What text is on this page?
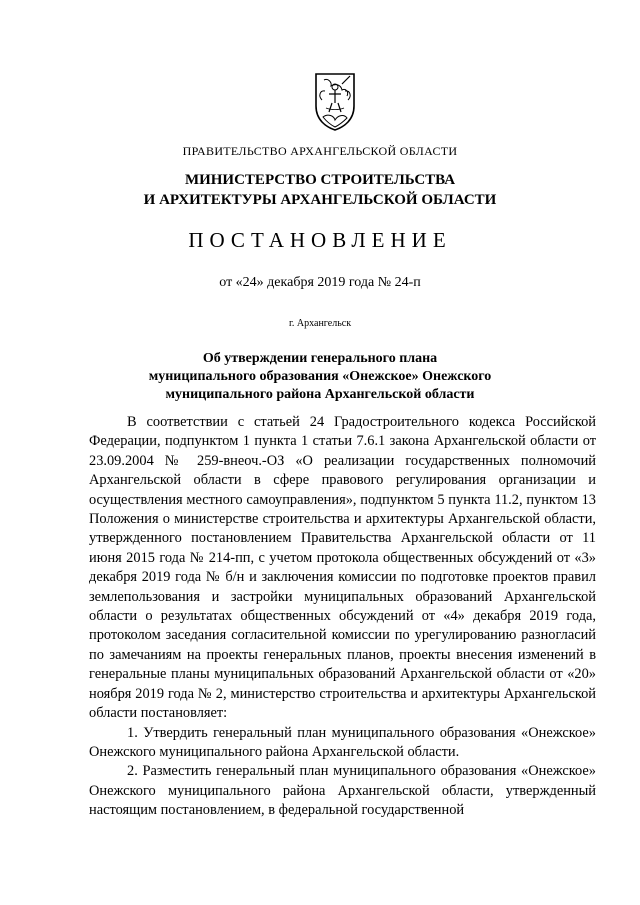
ПРАВИТЕЛЬСТВО АРХАНГЕЛЬСКОЙ ОБЛАСТИ
МИНИСТЕРСТВО СТРОИТЕЛЬСТВА
И АРХИТЕКТУРЫ АРХАНГЕЛЬСКОЙ ОБЛАСТИ
ПОСТАНОВЛЕНИЕ
от «24» декабря 2019 года № 24-п
г. Архангельск
Об утверждении генерального плана
муниципального образования «Онежское» Онежского
муниципального района Архангельской области

В соответствии с статьей 24 Градостроительного кодекса Российской Федерации, подпунктом 1 пункта 1 статьи 7.6.1 закона Архангельской области от 23.09.2004 № 259-внеоч.-ОЗ «О реализации государственных полномочий Архангельской области в сфере правового регулирования организации и осуществления местного самоуправления», подпунктом 5 пункта 11.2, пунктом 13 Положения о министерстве строительства и архитектуры Архангельской области, утвержденного постановлением Правительства Архангельской области от 11 июня 2015 года № 214-пп, с учетом протокола общественных обсуждений от «3» декабря 2019 года № б/н и заключения комиссии по подготовке проектов правил землепользования и застройки муниципальных образований Архангельской области о результатах общественных обсуждений от «4» декабря 2019 года, протоколом заседания согласительной комиссии по урегулированию разногласий по замечаниям на проекты генеральных планов, проекты внесения изменений в генеральные планы муниципальных образований Архангельской области от «20» ноября 2019 года № 2, министерство строительства и архитектуры Архангельской области постановляет:

1. Утвердить генеральный план муниципального образования «Онежское» Онежского муниципального района Архангельской области.

2. Разместить генеральный план муниципального образования «Онежское» Онежского муниципального района Архангельской области, утвержденный настоящим постановлением, в федеральной государственной
